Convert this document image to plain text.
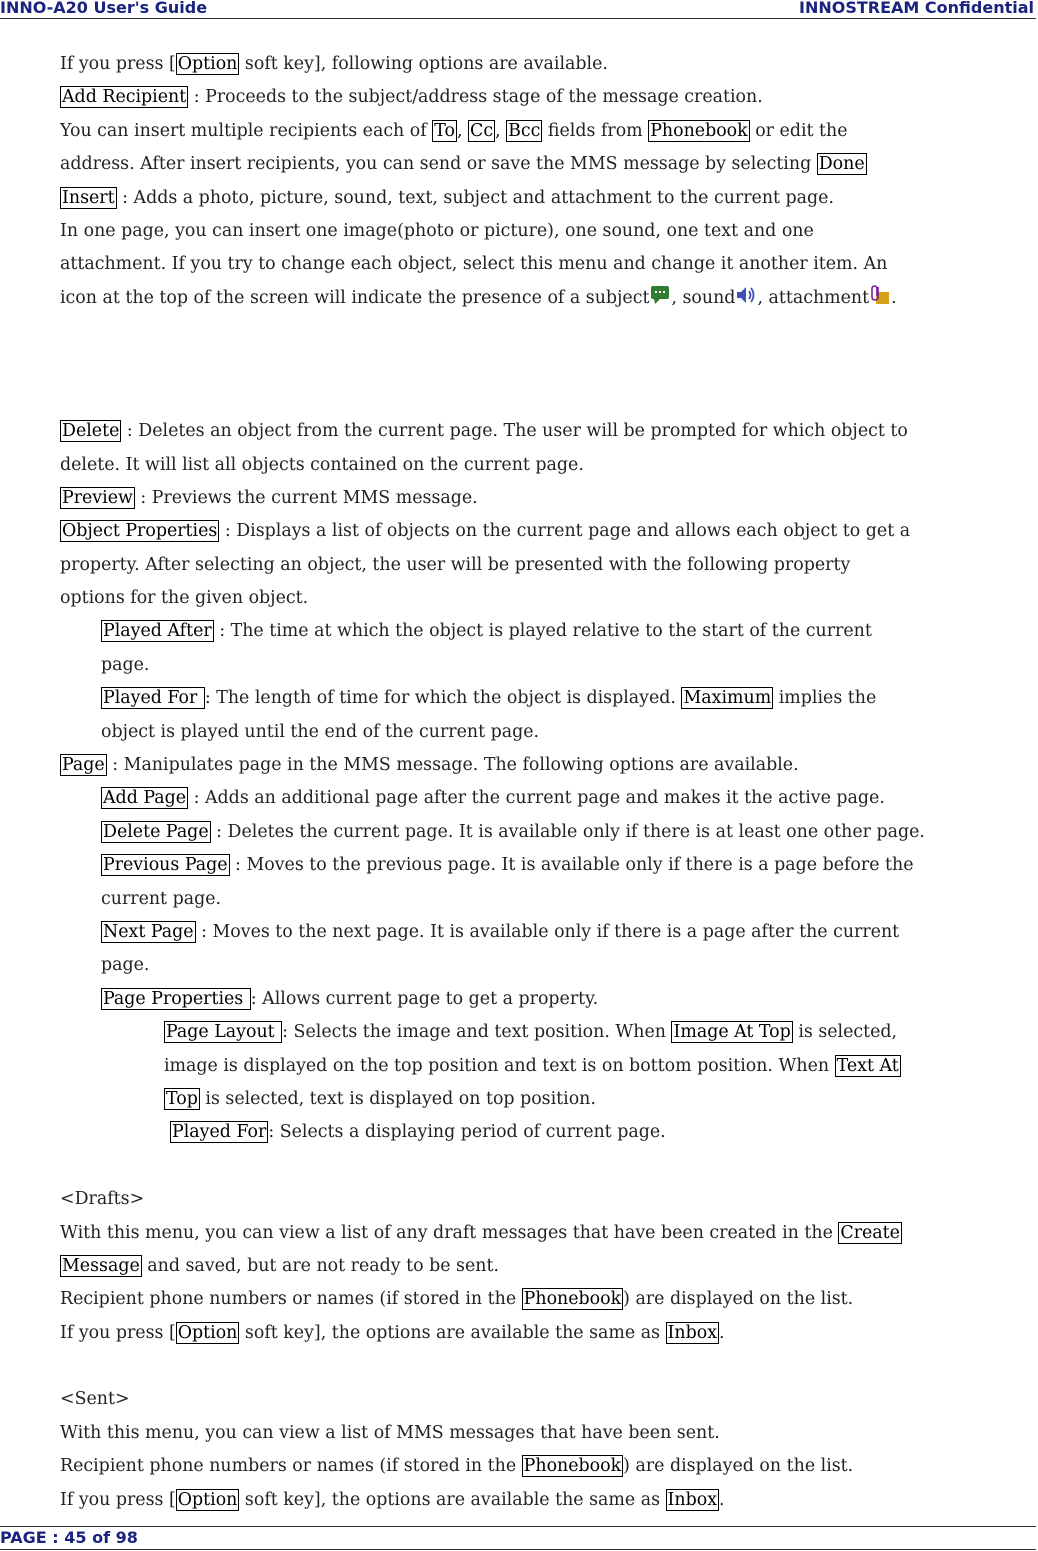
INNO-A20 User's Guide	INNOSTREAM Confidential
If you press [ Option soft key], following options are available.
Add Recipient : Proceeds to the subject/address stage of the message creation.
You can insert multiple recipients each of To , Cc , Bcc fields from Phonebook or edit the
address. After insert recipients, you can send or save the MMS message by selecting Done
Insert : Adds a photo, picture, sound, text, subject and attachment to the current page.
In one page, you can insert one image(photo or picture), one sound, one text and one
attachment. If you try to change each object, select this menu and change it another item. An
icon at the top of the screen will indicate the presence of a subject , sound , attachment .
Delete : Deletes an object from the current page. The user will be prompted for which object to
delete. It will list all objects contained on the current page.
Preview : Previews the current MMS message.
Object Properties : Displays a list of objects on the current page and allows each object to get a
property. After selecting an object, the user will be presented with the following property
options for the given object.
Played After : The time at which the object is played relative to the start of the current
page.
Played For : The length of time for which the object is displayed. Maximum implies the
object is played until the end of the current page.
Page : Manipulates page in the MMS message. The following options are available.
Add Page : Adds an additional page after the current page and makes it the active page.
Delete Page : Deletes the current page. It is available only if there is at least one other page.
Previous Page : Moves to the previous page. It is available only if there is a page before the
current page.
Next Page : Moves to the next page. It is available only if there is a page after the current
page.
Page Properties : Allows current page to get a property.
Page Layout : Selects the image and text position. When Image At Top is selected,
image is displayed on the top position and text is on bottom position. When Text At
Top is selected, text is displayed on top position.
Played For : Selects a displaying period of current page.
<Drafts>
With this menu, you can view a list of any draft messages that have been created in the Create
Message and saved, but are not ready to be sent.
Recipient phone numbers or names (if stored in the Phonebook ) are displayed on the list.
If you press [ Option soft key], the options are available the same as Inbox .
<Sent>
With this menu, you can view a list of MMS messages that have been sent.
Recipient phone numbers or names (if stored in the Phonebook ) are displayed on the list.
If you press [ Option soft key], the options are available the same as Inbox .
PAGE : 45 of 98
